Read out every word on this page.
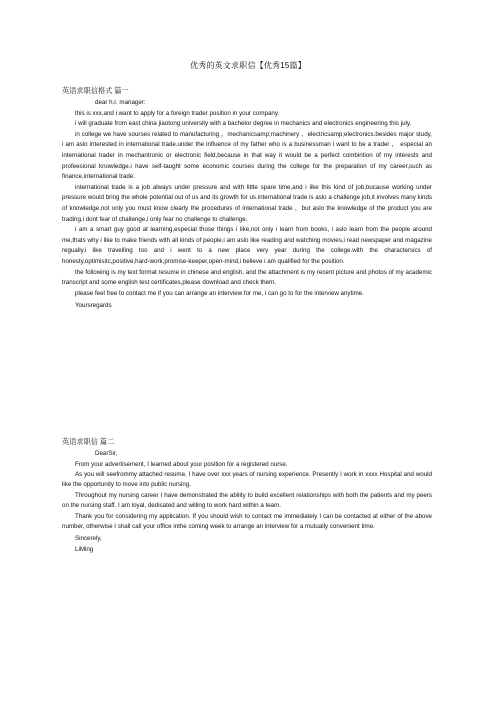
优秀的英文求职信【优秀15篇】
英语求职信格式 篇一

dear h.r. manager:

this is xxx,and i want to apply for a foreign trader position in your company.

i will graduate from east china jiaotong university with a bachelor degree in mechanics and electronics engineering this july.

in college we have sourses related to manufacturing ，mechanicsamp;machinery ，electricsamp;electronics.besides major study, i am aslo interested in international trade.under the influence of my father who is a businessman i want to be a trader ， especial an international trader in mechantronic or electronic field,because in that way it would be a perfect combintion of my interests and profeesional knowledge.i have self-taught some economic courses during the college for the preparation of my career,such as finance,international trade.

international trade is a job always under pressure and with little spare time,and i like this kind of job,bucause working under pressure would bring the whole potential out of us and its growth for us.international trade is aslo a challenge job,it involves many kinds of knowledge,not only you must know clearly the procedures of international trade ，but aslo the knowledge of the product you are trading.i dont fear of challenge,i only fear no challenge to challenge.

i am a smart guy good at learning,especial those things i like,not only i learn from books, i aslo learn from the people around me,thats why i like to make friends with all kinds of people.i am aslo like reading and watching movies,i read newspaper and magazine regually.i like travelling too and i went to a new place very year during the college.with the charactersics of honesty,optimisitc,positive,hard-work,promise-keeper,open-mind,i believe i am qualified for the position.

the following is my text format resume in chinese and english, and the attachment is my recent picture and photos of my academic transcript and some english test certificates,please download and check them.

please feel free to contact me if you can arrange an interview for me, i can go to for the interview anytime.

Yoursregards

英语求职信 篇二

DearSir,

From your advertisement, I learned about your position for a registered nurse.

As you will seefrommy attached resume, I have over xxx years of nursing experience. Presently I work in xxxx Hospital and would like the opportunity to move into public nursing.

Throughout my nursing career I have demonstrated the ability to build excellent relationships with both the patients and my peers on the nursing staff. I am loyal, dedicated and willing to work hard within a team.

Thank you for considering my application. If you should wish to contact me immediately I can be contacted at either of the above number, otherwise I shall call your office inthe coming week to arrange an interview for a mutually convenient time.

Sincerely,

LiMing
